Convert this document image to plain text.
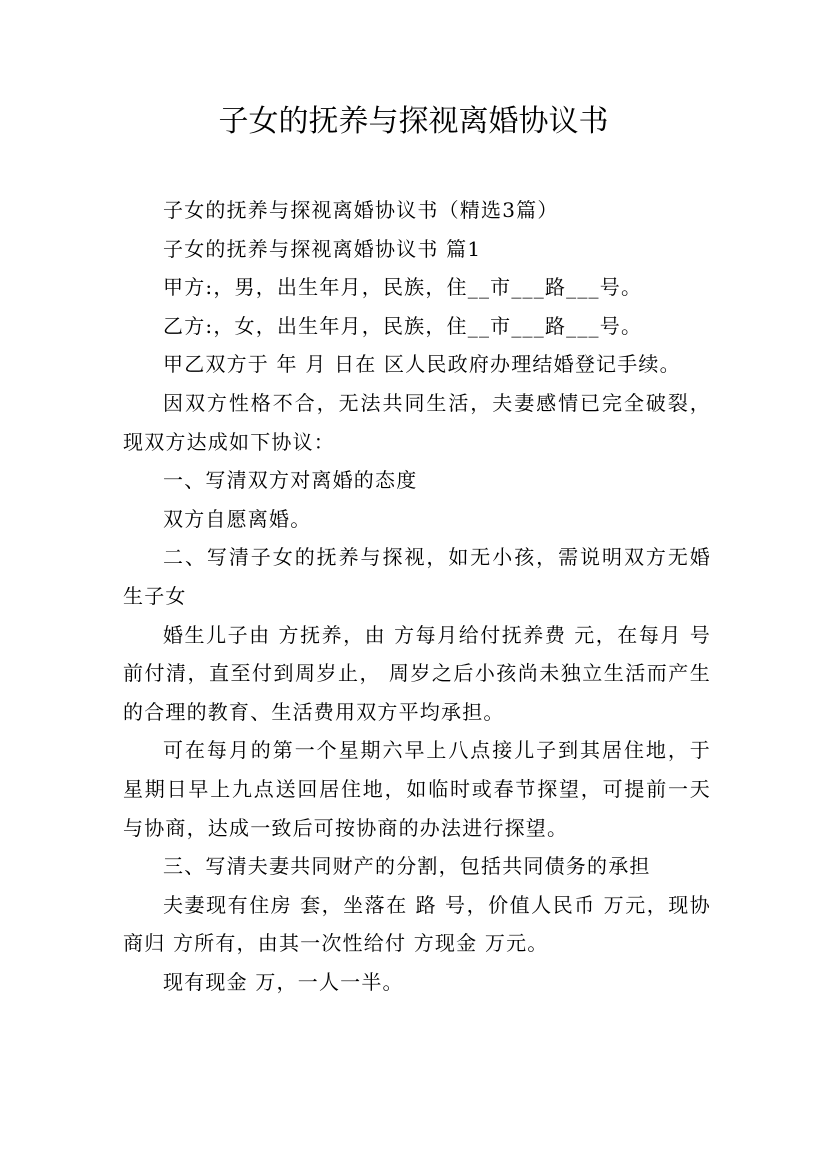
子女的抚养与探视离婚协议书

子女的抚养与探视离婚协议书（精选3篇）

子女的抚养与探视离婚协议书 篇1

甲方:，男，出生年月，民族，住__市___路___号。

乙方:，女，出生年月，民族，住__市___路___号。

甲乙双方于 年 月 日在 区人民政府办理结婚登记手续。

因双方性格不合，无法共同生活，夫妻感情已完全破裂，现双方达成如下协议：

一、写清双方对离婚的态度

双方自愿离婚。

二、写清子女的抚养与探视，如无小孩，需说明双方无婚生子女

婚生儿子由 方抚养，由 方每月给付抚养费 元，在每月 号前付清，直至付到周岁止， 周岁之后小孩尚未独立生活而产生的合理的教育、生活费用双方平均承担。

可在每月的第一个星期六早上八点接儿子到其居住地，于 星期日早上九点送回居住地，如临时或春节探望，可提前一天与协商，达成一致后可按协商的办法进行探望。

三、写清夫妻共同财产的分割，包括共同债务的承担

夫妻现有住房 套，坐落在 路 号，价值人民币 万元，现协商归 方所有，由其一次性给付 方现金 万元。

现有现金 万，一人一半。
